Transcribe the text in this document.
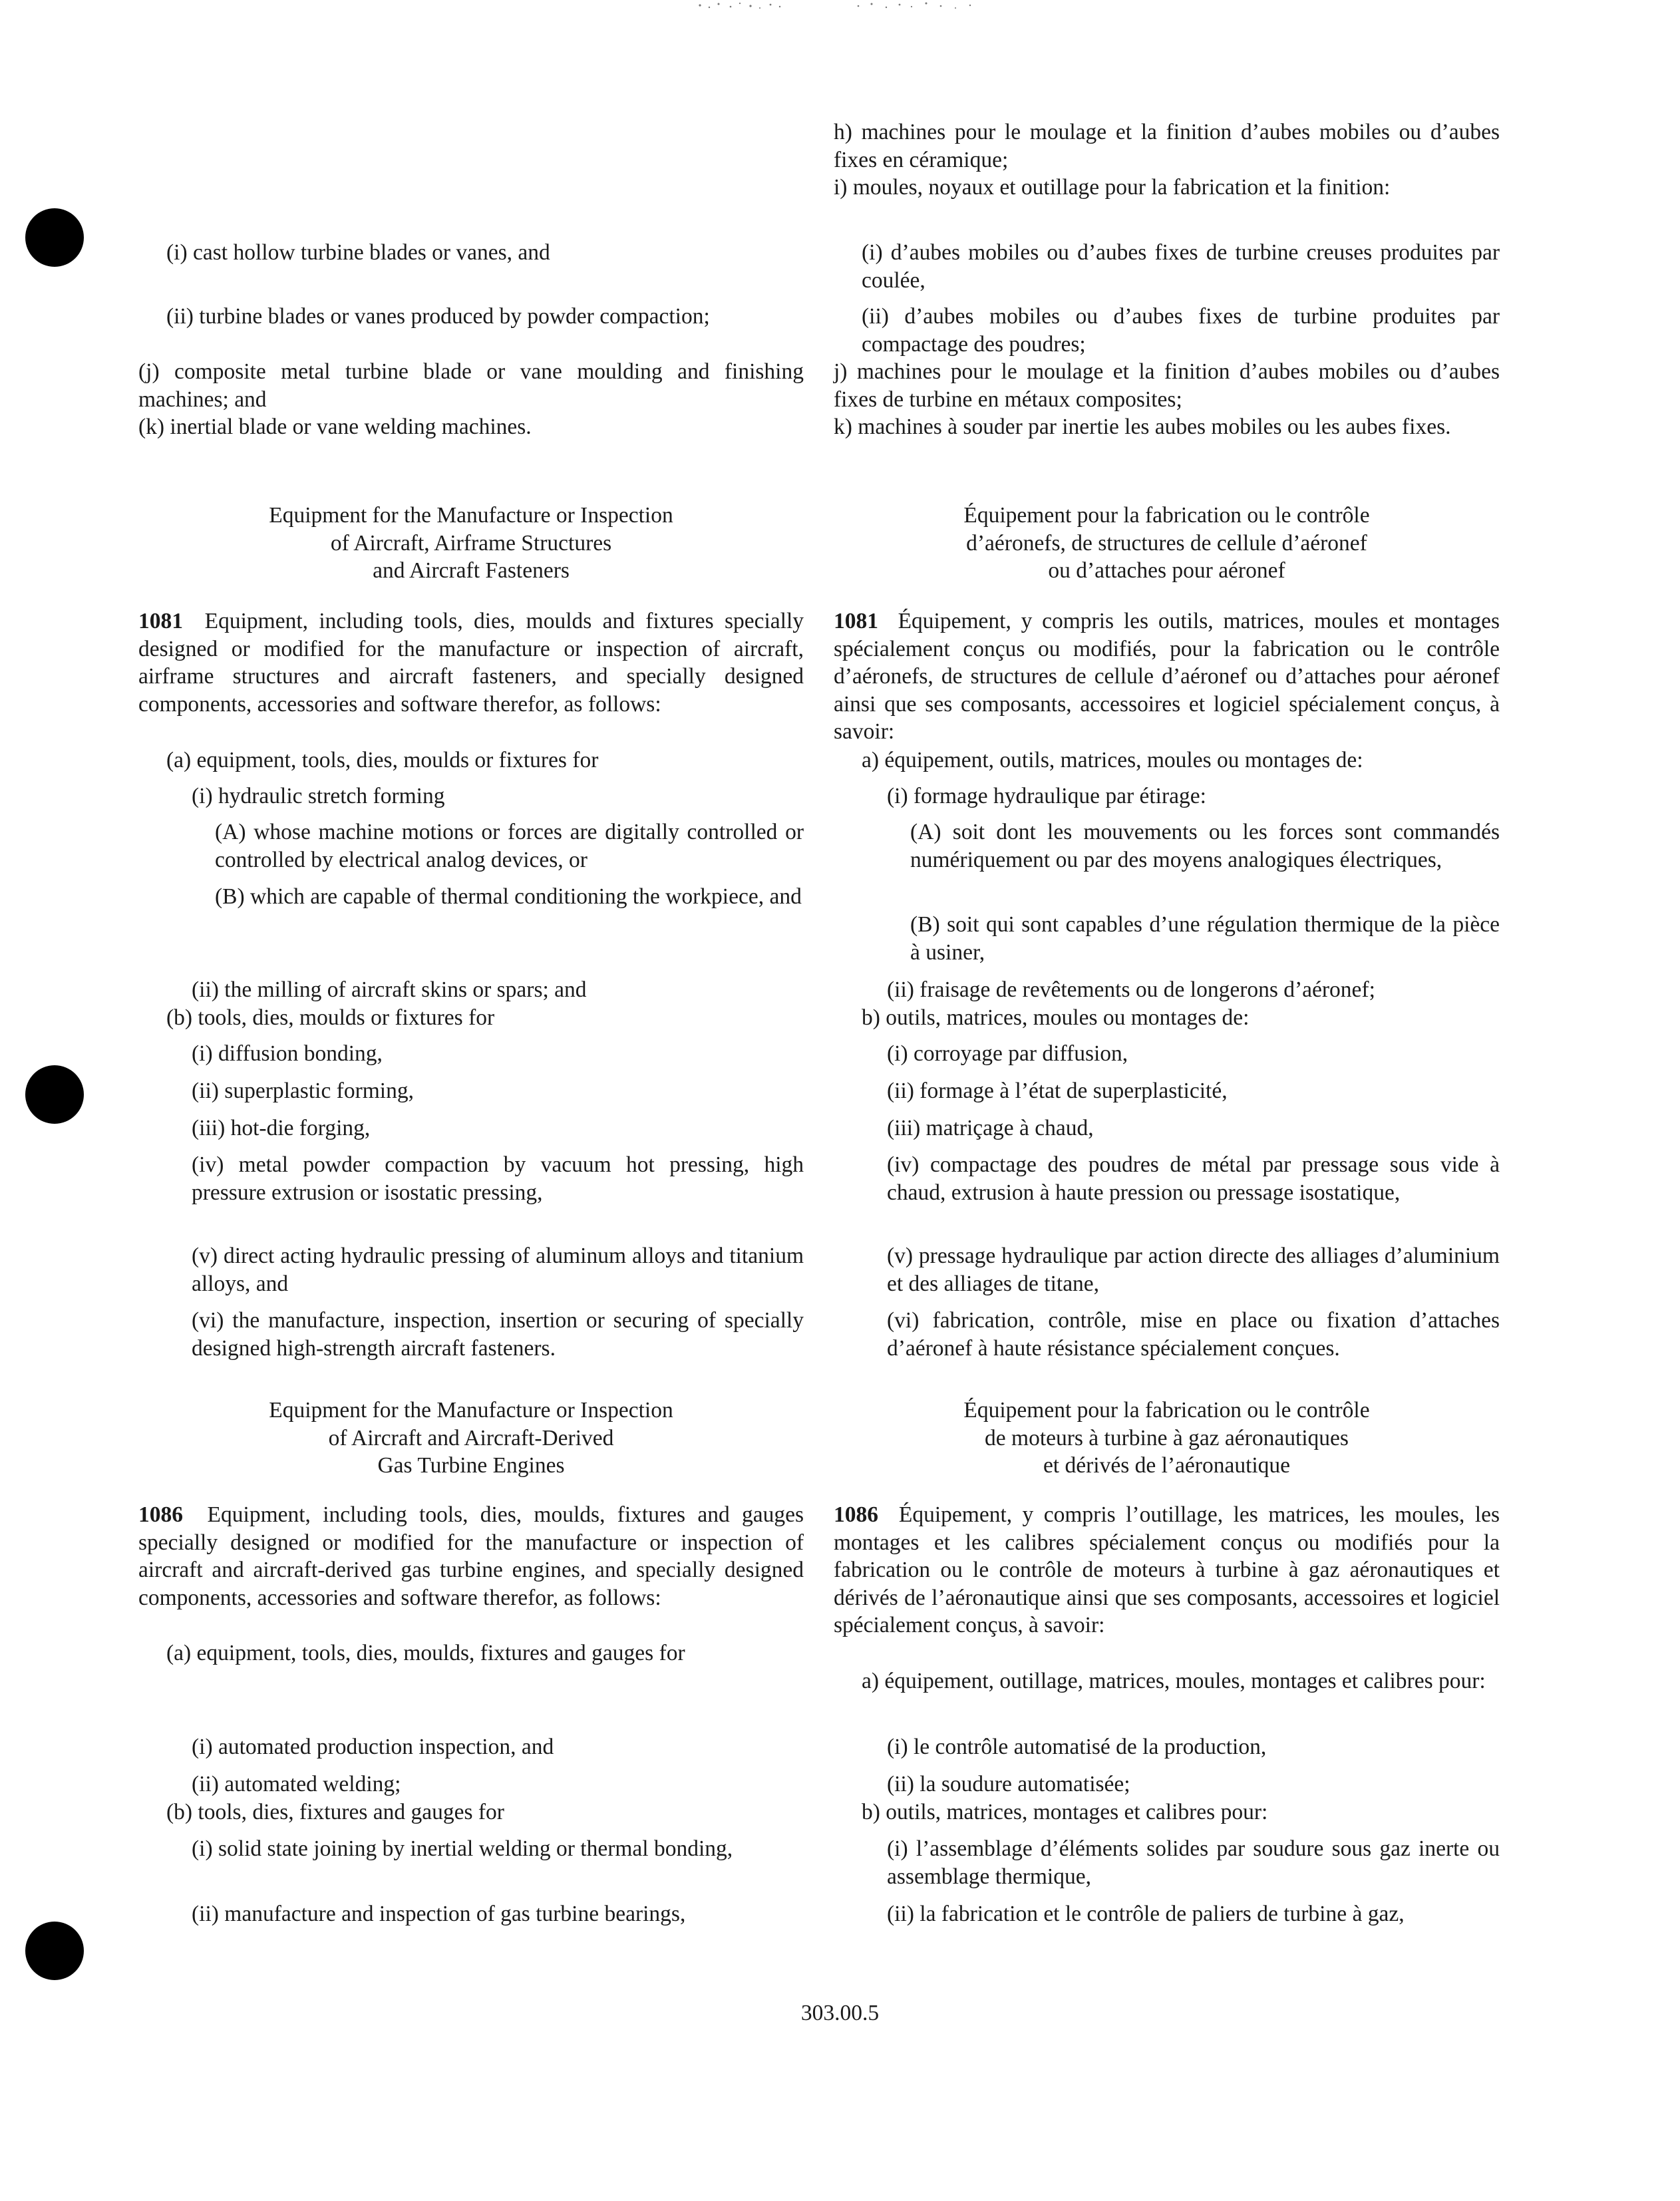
(i) cast hollow turbine blades or vanes, and

(ii) turbine blades or vanes produced by powder compaction;

(j) composite metal turbine blade or vane moulding and finishing machines; and

(k) inertial blade or vane welding machines.

Equipment for the Manufacture or Inspection
of Aircraft, Airframe Structures
and Aircraft Fasteners

1081 Equipment, including tools, dies, moulds and fixtures specially designed or modified for the manufacture or inspection of aircraft, airframe structures and aircraft fasteners, and specially designed components, accessories and software therefor, as follows:

(a) equipment, tools, dies, moulds or fixtures for

(i) hydraulic stretch forming

(A) whose machine motions or forces are digitally controlled or controlled by electrical analog devices, or

(B) which are capable of thermal conditioning the workpiece, and

(ii) the milling of aircraft skins or spars; and

(b) tools, dies, moulds or fixtures for

(i) diffusion bonding,

(ii) superplastic forming,

(iii) hot-die forging,

(iv) metal powder compaction by vacuum hot pressing, high pressure extrusion or isostatic pressing,

(v) direct acting hydraulic pressing of aluminum alloys and titanium alloys, and

(vi) the manufacture, inspection, insertion or securing of specially designed high-strength aircraft fasteners.

Equipment for the Manufacture or Inspection
of Aircraft and Aircraft-Derived
Gas Turbine Engines

1086 Equipment, including tools, dies, moulds, fixtures and gauges specially designed or modified for the manufacture or inspection of aircraft and aircraft-derived gas turbine engines, and specially designed components, accessories and software therefor, as follows:

(a) equipment, tools, dies, moulds, fixtures and gauges for

(i) automated production inspection, and

(ii) automated welding;

(b) tools, dies, fixtures and gauges for

(i) solid state joining by inertial welding or thermal bonding,

(ii) manufacture and inspection of gas turbine bearings,

h) machines pour le moulage et la finition d’aubes mobiles ou d’aubes fixes en céramique;

i) moules, noyaux et outillage pour la fabrication et la finition:

(i) d’aubes mobiles ou d’aubes fixes de turbine creuses produites par coulée,

(ii) d’aubes mobiles ou d’aubes fixes de turbine produites par compactage des poudres;

j) machines pour le moulage et la finition d’aubes mobiles ou d’aubes fixes de turbine en métaux composites;

k) machines à souder par inertie les aubes mobiles ou les aubes fixes.

Équipement pour la fabrication ou le contrôle
d’aéronefs, de structures de cellule d’aéronef
ou d’attaches pour aéronef

1081 Équipement, y compris les outils, matrices, moules et montages spécialement conçus ou modifiés, pour la fabrication ou le contrôle d’aéronefs, de structures de cellule d’aéronef ou d’attaches pour aéronef ainsi que ses composants, accessoires et logiciel spécialement conçus, à savoir:

a) équipement, outils, matrices, moules ou montages de:

(i) formage hydraulique par étirage:

(A) soit dont les mouvements ou les forces sont commandés numériquement ou par des moyens analogiques électriques,

(B) soit qui sont capables d’une régulation thermique de la pièce à usiner,

(ii) fraisage de revêtements ou de longerons d’aéronef;

b) outils, matrices, moules ou montages de:

(i) corroyage par diffusion,

(ii) formage à l’état de superplasticité,

(iii) matriçage à chaud,

(iv) compactage des poudres de métal par pressage sous vide à chaud, extrusion à haute pression ou pressage isostatique,

(v) pressage hydraulique par action directe des alliages d’aluminium et des alliages de titane,

(vi) fabrication, contrôle, mise en place ou fixation d’attaches d’aéronef à haute résistance spécialement conçues.

Équipement pour la fabrication ou le contrôle
de moteurs à turbine à gaz aéronautiques
et dérivés de l’aéronautique

1086 Équipement, y compris l’outillage, les matrices, les moules, les montages et les calibres spécialement conçus ou modifiés pour la fabrication ou le contrôle de moteurs à turbine à gaz aéronautiques et dérivés de l’aéronautique ainsi que ses composants, accessoires et logiciel spécialement conçus, à savoir:

a) équipement, outillage, matrices, moules, montages et calibres pour:

(i) le contrôle automatisé de la production,

(ii) la soudure automatisée;

b) outils, matrices, montages et calibres pour:

(i) l’assemblage d’éléments solides par soudure sous gaz inerte ou assemblage thermique,

(ii) la fabrication et le contrôle de paliers de turbine à gaz,

303.00.5
